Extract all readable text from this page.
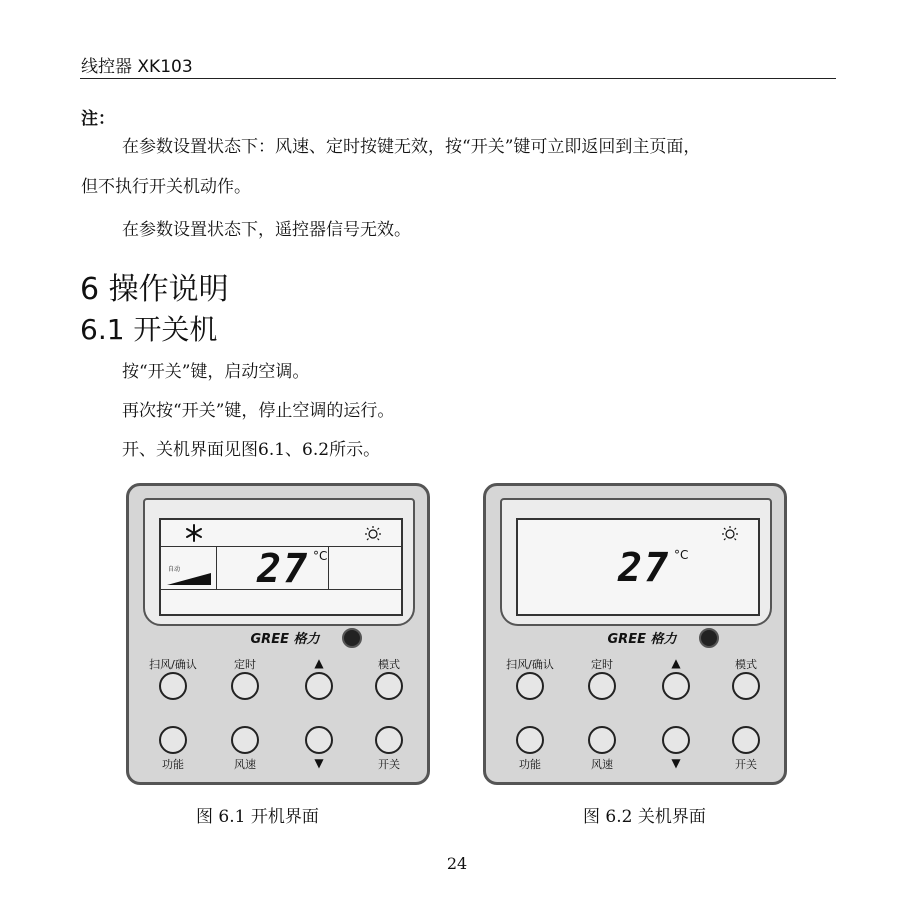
线控器 XK103
注：
在参数设置状态下：风速、定时按键无效，按“开关”键可立即返回到主页面，
但不执行开关机动作。
在参数设置状态下，遥控器信号无效。
6 操作说明
6.1 开关机
按“开关”键，启动空调。
再次按“开关”键，停止空调的运行。
开、关机界面见图6.1、6.2所示。
自动 27 °C
GREE 格力
扫风/确认	定时	▲	模式
功能	风速	▼	开关
27 °C
GREE 格力
扫风/确认	定时	▲	模式
功能	风速	▼	开关
图 6.1 开机界面	图 6.2 关机界面
24
